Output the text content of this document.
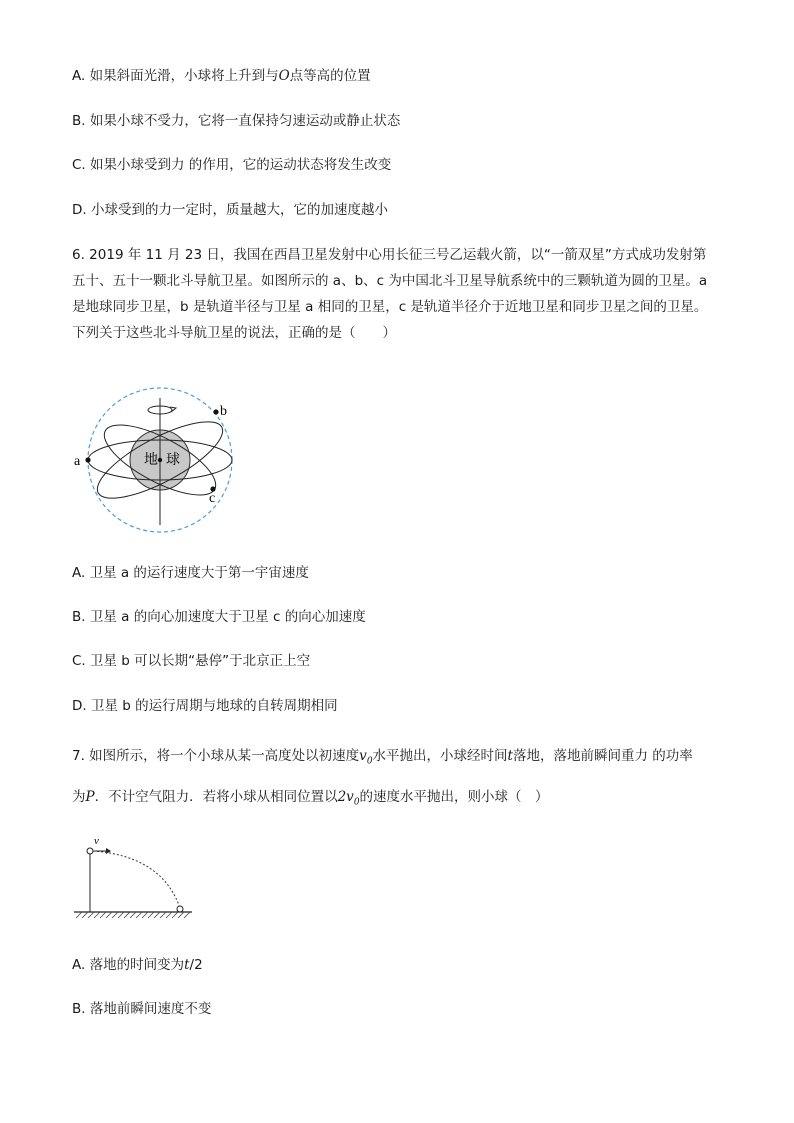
A. 如果斜面光滑，小球将上升到与O点等高的位置
B. 如果小球不受力，它将一直保持匀速运动或静止状态
C. 如果小球受到力 的作用，它的运动状态将发生改变
D. 小球受到的力一定时，质量越大，它的加速度越小
6. 2019 年 11 月 23 日，我国在西昌卫星发射中心用长征三号乙运载火箭，以“一箭双星”方式成功发射第
五十、五十一颗北斗导航卫星。如图所示的 a、b、c 为中国北斗卫星导航系统中的三颗轨道为圆的卫星。a
是地球同步卫星，b 是轨道半径与卫星 a 相同的卫星，c 是轨道半径介于近地卫星和同步卫星之间的卫星。
下列关于这些北斗导航卫星的说法，正确的是（　　）
地 球
a
b
c
A. 卫星 a 的运行速度大于第一宇宙速度
B. 卫星 a 的向心加速度大于卫星 c 的向心加速度
C. 卫星 b 可以长期“悬停”于北京正上空
D. 卫星 b 的运行周期与地球的自转周期相同
7. 如图所示，将一个小球从某一高度处以初速度$v_0$水平抛出，小球经时间t落地，落地前瞬间重力 的功率
为P．不计空气阻力．若将小球从相同位置以$2v_0$的速度水平抛出，则小球（　）
v
A. 落地的时间变为t/2
B. 落地前瞬间速度不变
